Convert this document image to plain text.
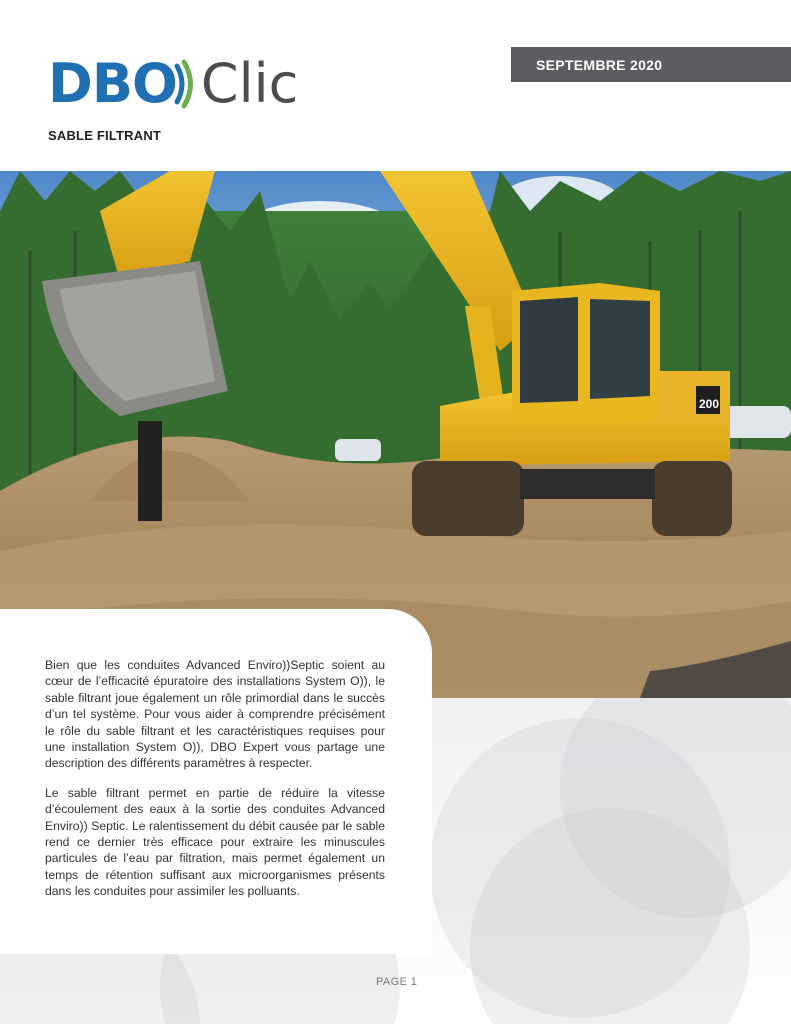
DBO Clic
SABLE FILTRANT
SEPTEMBRE 2020
200

Bien que les conduites Advanced Enviro))Septic soient au cœur de l’efficacité épuratoire des installations System O)), le sable filtrant joue également un rôle primordial dans le succès d’un tel système. Pour vous aider à comprendre précisément le rôle du sable filtrant et les caractéristiques requises pour une installation System O)), DBO Expert vous partage une description des différents paramètres à respecter.

Le sable filtrant permet en partie de réduire la vitesse d’écoulement des eaux à la sortie des conduites Advanced Enviro)) Septic. Le ralentissement du débit causée par le sable rend ce dernier très efficace pour extraire les minuscules particules de l’eau par filtration, mais permet également un temps de rétention suffisant aux microorganismes présents dans les conduites pour assimiler les polluants.

PAGE 1
